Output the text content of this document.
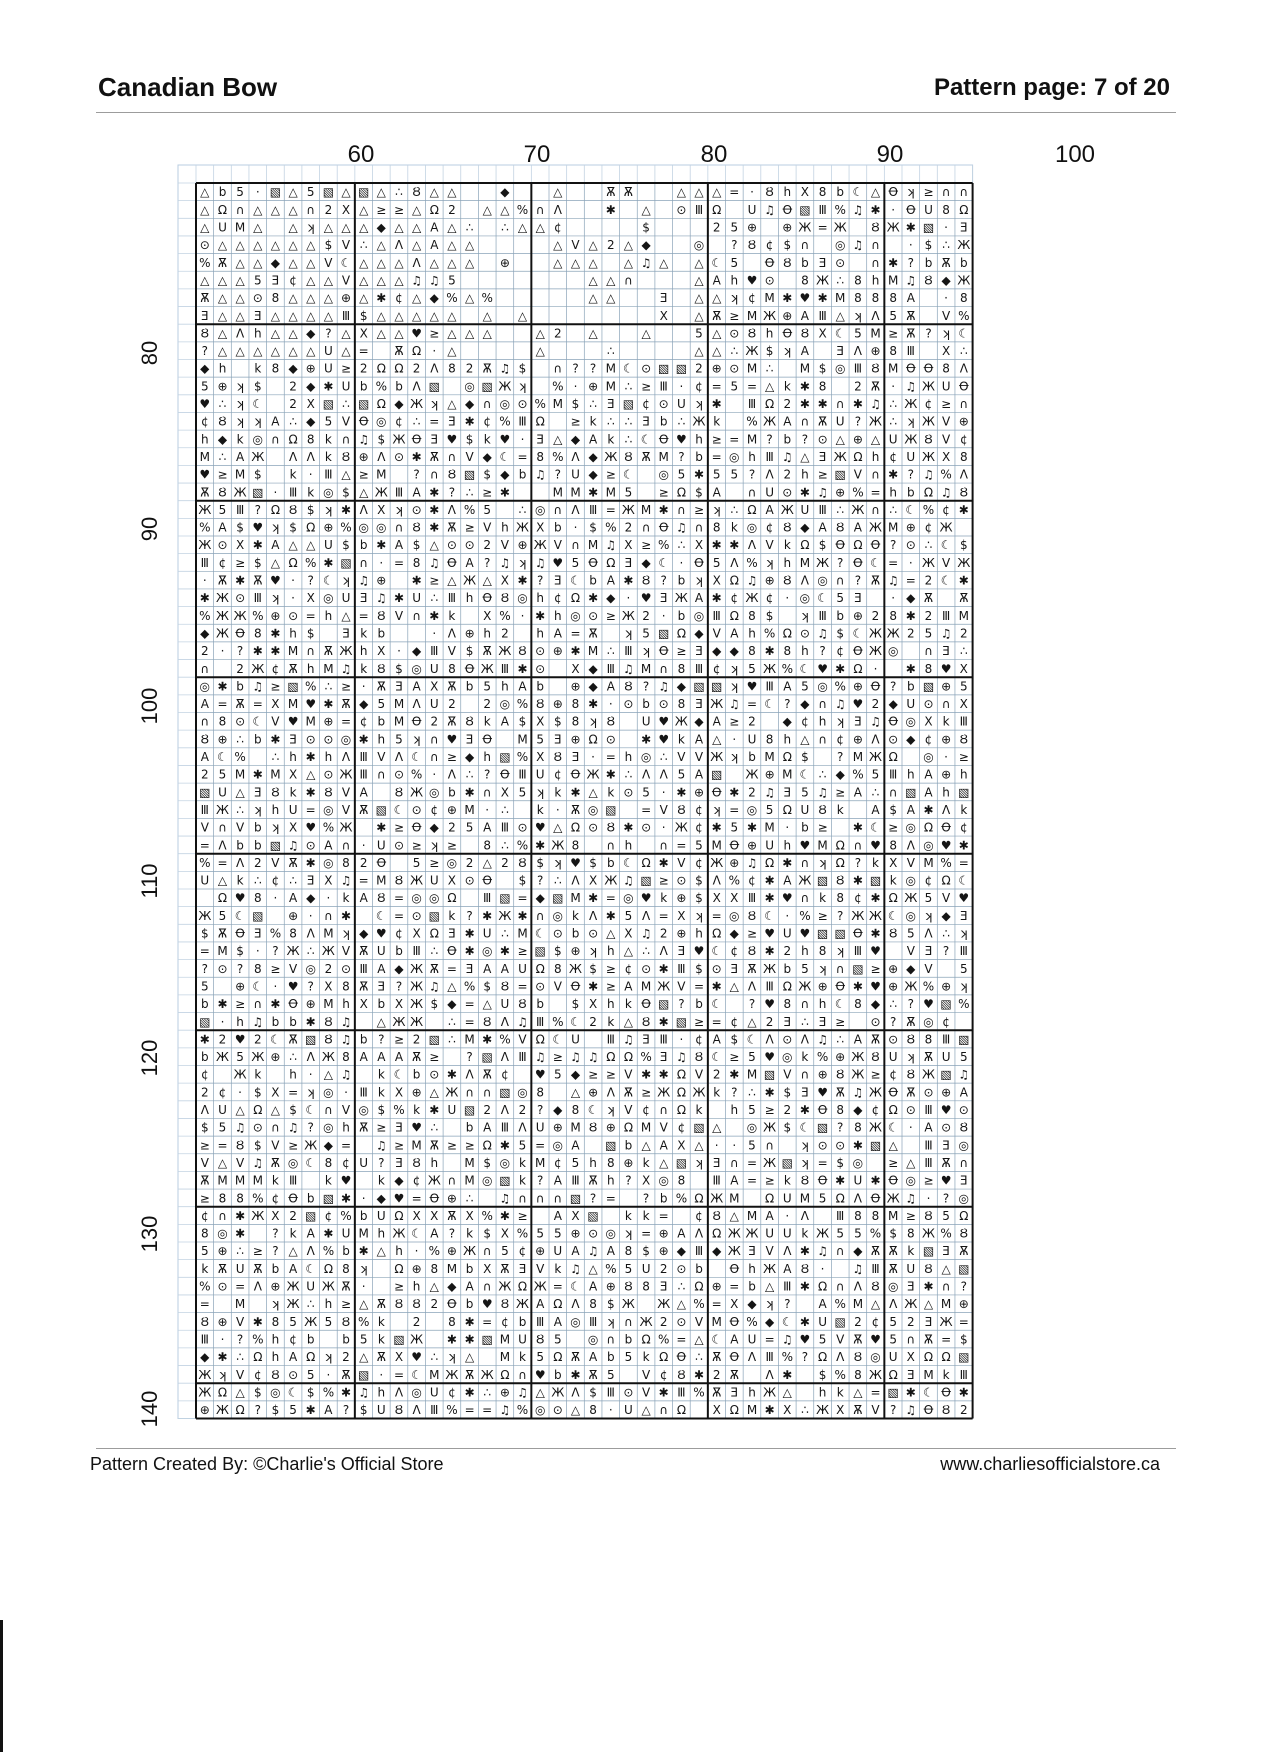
Canadian Bow	Pattern page: 7 of 20
60	70	80	90	100
80
90
100
110
120
130
140
△ b 5 · ▧ △ 5 ▧ △ ▧ △ ∴ Ȣ △ △	◆	△	Ѫ Ѫ	△ △ △ = · Ȣ h X 8 b ☾ △ Ꝋ ʞ ≥ ∩ ∩
△ Ω ∩ △ △ △ ∩ 2 X △ ≥ ≥ △ Ω 2 △ △ % ∩ Λ	✱ △ ⊙ Ⅲ Ω U ♫ Ꝋ ▧ Ⅲ % ♫ ✱ · Ꝋ U 8 Ω
△ U M △ △ ʞ △ △ △ ◆ △ △ A △ ∴ ∴ △ △ ¢	$	2 5 ⊕ ⊕ Ж = Ж Ȣ Ж ✱ ▧ · Ǝ
⊙ △ △ △ △ △ △ $ V ∴ △ Λ △ A △ △	△ V △ 2 △ ◆	◎ ? Ȣ ¢ $ ∩ ◎ ♫ ∩ · $ ∴ Ж
% Ѫ △ △ ◆ △ △ V ☾ △ △ △ Λ △ △ △ ⊕	△ △ △ △ ♫ △ △ ☾ 5 Ꝋ Ȣ b Ǝ ⊙ ∩ ✱ ? b Ѫ b
△ △ △ 5 Ǝ ¢ △ △ V △ △ △ ♫ ♫ 5	△ △ ∩	△ A h ♥ ⊙ 8 Ж ∴ 8 h M ♫ Ȣ ◆ Ж
Ѫ △ △ ⊙ 8 △ △ △ ⊕ △ ✱ ¢ △ ◆ % △ %	△ △	Ǝ △ △ ʞ ¢ M ✱ ♥ ✱ M 8 8 8 A · 8
Ǝ △ △ Ǝ △ △ △ △ Ⅲ $ △ △ △ △ △ △ △	X △ Ѫ ≥ M Ж ⊕ A Ⅲ △ ʞ Λ 5 Ѫ V %
Ȣ △ Λ h △ △ ◆ ? △ X △ △ ♥ ≥ △ △ △	△ 2 △	△	5 △ ⊙ Ȣ h Ꝋ Ȣ X ☾ 5 M ≥ Ѫ ? ʞ ☾
? △ △ △ △ △ △ U △ = Ѫ Ω · △	△	∴	△ △ ∴ Ж $ ʞ A Ǝ Λ ⊕ 8 Ⅲ X ∴
◆ h k 8 ◆ ⊕ U ≥ 2 Ω Ω 2 Λ 8 2 Ѫ ♫ $ ∩ ? ? M ☾ ⊙ ▧ ▧ 2 ⊕ ⊙ M ∴ M $ ◎ Ⅲ Ȣ M Ꝋ Ꝋ 8 Λ
5 ⊕ ʞ $ 2 ◆ ✱ U b % b Λ ▧ ◎ ▧ Ж ʞ % · ⊕ M ∴ ≥ Ⅲ · ¢ = 5 = △ k ✱ 8 2 Ѫ · ♫ Ж U Ꝋ
♥ ∴ ʞ ☾ 2 X ▧ ∴ ▧ Ω ◆ Ж ʞ △ ◆ ∩ ◎ ⊙ % M $ ∴ Ǝ ▧ ¢ ⊙ U ʞ ✱ Ⅲ Ω 2 ✱ ✱ ∩ ✱ ♫ ∴ Ж ¢ ≥ ∩
¢ Ȣ ʞ ʞ A ∴ ◆ 5 V Ꝋ ◎ ¢ ∴ = Ǝ ✱ ¢ % Ⅲ Ω ≥ k ∴ ∴ Ǝ b ∴ Ж k % Ж A ∩ Ѫ U ? Ж ∴ ʞ Ж V ⊕
h ◆ k ◎ ∩ Ω 8 k ∩ ♫ $ Ж Ꝋ Ǝ ♥ $ k ♥ · Ǝ △ ◆ A k ∴ ☾ Ꝋ ♥ h ≥ = M ? b ? ⊙ △ ⊕ △ U Ж Ȣ V ¢
M ∴ A Ж Λ Λ k Ȣ ⊕ Λ ⊙ ✱ Ѫ ∩ V ◆ ☾ = 8 % Λ ◆ Ж Ȣ Ѫ M ? b = ◎ h Ⅲ ♫ △ Ǝ Ж Ω h ¢ U Ж X 8
♥ ≥ M $ k · Ⅲ △ ≥ M ? ∩ Ȣ ▧ $ ◆ b ♫ ? U ◆ ≥ ☾ ◎ 5 ✱ 5 5 ? Λ 2 h ≥ ▧ V ∩ ✱ ? ♫ % Λ
Ѫ Ȣ Ж ▧ · Ⅲ k ◎ $ △ Ж Ⅲ A ✱ ? ∴ ≥ ✱	M M ✱ M 5 ≥ Ω $ A ∩ U ⊙ ✱ ♫ ⊕ % = h b Ω ♫ Ȣ
Ж 5 Ⅲ ? Ω Ȣ $ ʞ ✱ Λ X ʞ ⊙ ✱ Λ % 5 ∴ ◎ ∩ Λ Ⅲ = Ж M ✱ ∩ ≥ ʞ ∴ Ω A Ж U Ⅲ ∴ Ж ∩ ∴ ☾ % ¢ ✱
% A $ ♥ ʞ $ Ω ⊕ % ◎ ◎ ∩ Ȣ ✱ Ѫ ≥ V h Ж X b · $ % 2 ∩ Ꝋ ♫ ∩ 8 k ◎ ¢ Ȣ ◆ A Ȣ A Ж M ⊕ ¢ Ж
Ж ⊙ X ✱ A △ △ U $ b ✱ A $ △ ⊙ ⊙ 2 V ⊕ Ж V ∩ M ♫ X ≥ % ∴ X ✱ ✱ Λ V k Ω $ Ꝋ Ω Ꝋ ? ⊙ ∴ ☾ $
Ⅲ ¢ ≥ $ △ Ω % ✱ ▧ ∩ · = 8 ♫ Ꝋ A ? ♫ ʞ ♫ ♥ 5 Ꝋ Ω Ǝ ◆ ☾ · Ꝋ 5 Λ % ʞ h M Ж ? Ꝋ ☾ = · Ж V Ж
· Ѫ ✱ Ѫ ♥ · ? ☾ ʞ ♫ ⊕ ✱ ≥ △ Ж △ X ✱ ? Ǝ ☾ b A ✱ Ȣ ? b ʞ X Ω ♫ ⊕ Ȣ Λ ◎ ∩ ? Ѫ ♫ = 2 ☾ ✱
✱ Ж ⊙ Ⅲ ʞ · X ◎ U Ǝ ♫ ✱ U ∴ Ⅲ h Ꝋ Ȣ ◎ h ¢ Ω ✱ ◆ · ♥ Ǝ Ж A ✱ ¢ Ж ¢ · ◎ ☾ 5 Ǝ · ◆ Ѫ Ѫ
% Ж Ж % ⊕ ⊙ = h △ = Ȣ V ∩ ✱ k X % · ✱ h ◎ ⊙ ≥ Ж 2 · b ◎ Ⅲ Ω 8 $ ʞ Ⅲ b ⊕ 2 8 ✱ 2 Ⅲ M
◆ Ж Ꝋ 8 ✱ h $ Ǝ k b	· Λ ⊕ h 2 h A = Ѫ ʞ 5 ▧ Ω ◆ V A h % Ω ⊙ ♫ $ ☾ Ж Ж 2 5 ♫ 2
2 · ? ✱ ✱ M ∩ Ѫ Ж h X · ◆ Ⅲ V $ Ѫ Ж Ȣ ⊙ ⊕ ✱ M ∴ Ⅲ ʞ Ꝋ ≥ Ǝ ◆ ◆ 8 ✱ 8 h ? ¢ Ꝋ Ж ◎ ∩ Ǝ ∴
∩ 2 Ж ¢ Ѫ h M ♫ k Ȣ $ ◎ U 8 Ꝋ Ж Ⅲ ✱ ⊙ X ◆ Ⅲ ♫ M ∩ 8 Ⅲ ¢ ʞ 5 Ж % ☾ ♥ ✱ Ω · ✱ 8 ♥ X
◎ ✱ b ♫ ≥ ▧ % ∴ ≥ · Ѫ Ǝ A X Ѫ b 5 h A b ⊕ ◆ A Ȣ ? ♫ ◆ ▧ ▧ ʞ ♥ Ⅲ A 5 ◎ % ⊕ Ꝋ ? b ▧ ⊕ 5
A = Ѫ = X M ♥ ✱ Ѫ ◆ 5 M Λ U 2 2 ◎ % Ȣ ⊕ 8 ✱ · ⊙ b ⊙ 8 Ǝ Ж ♫ = ☾ ? ◆ ∩ ♫ ♥ 2 ◆ U ⊙ ∩ X
∩ 8 ⊙ ☾ V ♥ M ⊕ = ¢ b M Ꝋ 2 Ѫ Ȣ k A $ X $ 8 ʞ Ȣ U ♥ Ж ◆ A ≥ 2 ◆ ¢ h ʞ Ǝ ♫ Ꝋ ◎ X k Ⅲ
Ȣ ⊕ ∴ b ✱ Ǝ ⊙ ⊙ ◎ ✱ h 5 ʞ ∩ ♥ Ǝ Ꝋ M 5 Ǝ ⊕ Ω ⊙ ✱ ♥ k A △ · U 8 h △ ∩ ¢ ⊕ Λ ⊙ ◆ ¢ ⊕ Ȣ
A ☾ % ∴ h ✱ h Λ Ⅲ V Λ ☾ ∩ ≥ ◆ h ▧ % X Ȣ Ǝ · = h ◎ ∴ V V Ж ʞ b M Ω $ ? M Ж Ω ◎ · ≥
2 5 M ✱ M X △ ⊙ Ж Ⅲ ∩ ⊙ % · Λ ∴ ? Ꝋ Ⅲ U ¢ Ꝋ Ж ✱ ∴ Λ Λ 5 A ▧ Ж ⊕ M ☾ ∴ ◆ % 5 Ⅲ h A ⊕ h
▧ U △ Ǝ Ȣ k ✱ Ȣ V A Ȣ Ж ◎ b ✱ ∩ X 5 ʞ k ✱ △ k ⊙ 5 · ✱ ⊕ Ꝋ ✱ 2 ♫ Ǝ 5 ♫ ≥ A ∴ ∩ ▧ A h ▧
Ⅲ Ж ∴ ʞ h U = ◎ V Ѫ ▧ ☾ ⊙ ¢ ⊕ M · ∴ k · Ѫ ◎ ▧ = V Ȣ ¢ ʞ = ◎ 5 Ω U Ȣ k A $ A ✱ Λ k
V ∩ V b ʞ X ♥ % Ж ✱ ≥ Ꝋ ◆ 2 5 A Ⅲ ⊙ ♥ △ Ω ⊙ Ȣ ✱ ⊙ · Ж ¢ ✱ 5 ✱ M · b ≥ ✱ ☾ ≥ ◎ Ω Ꝋ ¢
= Λ b b ▧ ♫ ⊙ A ∩ · U ⊙ ≥ ʞ ≥ 8 ∴ % ✱ Ж 8 ∩ h ∩ = 5 M Ꝋ ⊕ U h ♥ M Ω ∩ ♥ 8 Λ ◎ ♥ ✱
% = Λ 2 V Ѫ ✱ ◎ 8 2 Ꝋ 5 ≥ ◎ 2 △ 2 Ȣ $ ʞ ♥ $ b ☾ Ω ✱ V ¢ Ж ⊕ ♫ Ω ✱ ∩ ʞ Ω ? k X V M % =
U △ k ∴ ¢ ∴ Ǝ X ♫ = M Ȣ Ж U X ⊙ Ꝋ $ ? ∴ Λ X Ж ♫ ▧ ≥ ⊙ $ Λ % ¢ ✱ A Ж ▧ Ȣ ✱ ▧ k ◎ ¢ Ω ☾
Ω ♥ 8 · A ◆ · k A Ȣ = ◎ ◎ Ω Ⅲ ▧ = ◆ ▧ M ✱ = ◎ ♥ k ⊕ $ X X Ⅲ ✱ ♥ ∩ k 8 ¢ ✱ Ω Ж 5 V ♥
Ж 5 ☾ ▧ ⊕ · ∩ ✱ ☾ = ⊙ ▧ k ? ✱ Ж ✱ ∩ ◎ k Λ ✱ 5 Λ = X ʞ = ◎ Ȣ ☾ · % ≥ ? Ж Ж ☾ ◎ ʞ ◆ Ǝ
$ Ѫ Ꝋ Ǝ % 8 Λ M ʞ ◆ ♥ ¢ X Ω Ǝ ✱ U ∴ M ☾ ⊙ b ⊙ △ X ♫ 2 ⊕ h Ω ◆ ≥ ♥ U ♥ ▧ ▧ Ꝋ ✱ Ȣ 5 Λ ∴ ʞ
= M $ · ? Ж ∴ Ж V Ѫ U b Ⅲ ∴ Ꝋ ✱ ◎ ✱ ≥ ▧ $ ⊕ ʞ h △ ∴ Λ Ǝ ♥ ☾ ¢ Ȣ ✱ 2 h 8 ʞ Ⅲ ♥ V Ǝ ? Ⅲ
? ⊙ ? 8 ≥ V ◎ 2 ⊙ Ⅲ A ◆ Ж Ѫ = Ǝ A A U Ω 8 Ж $ ≥ ¢ ⊙ ✱ Ⅲ $ ⊙ Ǝ Ѫ Ж b 5 ʞ ∩ ▧ ≥ ⊕ ◆ V 5
5 ⊕ ☾ · ♥ ? X 8 Ѫ Ǝ ? Ж ♫ △ % $ Ȣ = ⊙ V Ꝋ ✱ ≥ A M Ж V = ✱ △ Λ Ⅲ Ω Ж ⊕ Ꝋ ✱ ♥ ⊕ Ж % ⊕ ʞ
b ✱ ≥ ∩ ✱ Ꝋ ⊕ M h X b X Ж $ ◆ = △ U Ȣ b $ X h k Ꝋ ▧ ? b ☾ ? ♥ 8 ∩ h ☾ 8 ◆ ∴ ? ♥ ▧ %
▧ · h ♫ b b ✱ Ȣ ♫ △ Ж Ж ∴ = Ȣ Λ ♫ Ⅲ % ☾ 2 k △ Ȣ ✱ ▧ ≥ = ¢ △ 2 Ǝ ∴ Ǝ ≥ ⊙ ? Ѫ ◎ ¢
✱ 2 ♥ 2 ☾ Ѫ ▧ Ȣ ♫ b ? ≥ 2 ▧ ∴ M ✱ % V Ω ☾ U Ⅲ ♫ Ǝ Ⅲ · ¢ A $ ☾ Λ ⊙ Λ ♫ ∴ A Ѫ ⊙ Ȣ 8 Ⅲ ▧
b Ж 5 Ж ⊕ ∴ Λ Ж 8 A A A Ѫ ≥ ? ▧ Λ Ⅲ ♫ ≥ ♫ ♫ Ω Ω % Ǝ ♫ Ȣ ☾ ≥ 5 ♥ ◎ k % ⊕ Ж Ȣ U ʞ Ѫ U 5
¢ Ж k h · △ ♫ k ☾ b ⊙ ✱ Λ Ѫ ¢ ♥ 5 ◆ ≥ ≥ V ✱ ✱ Ω V 2 ✱ M ▧ V ∩ ⊕ Ȣ Ж ≥ ¢ Ȣ Ж ▧ ♫
2 ¢ · $ X = ʞ ◎ · Ⅲ k X ⊕ △ Ж ∩ ∩ ▧ ◎ 8 △ ⊕ Λ Ѫ ≥ Ж Ω Ж k ? ∴ ✱ $ Ǝ ♥ Ѫ ♫ Ж Ꝋ Ѫ ⊙ ⊕ A
Λ U △ Ω △ $ ☾ ∩ V ◎ $ % k ✱ U ▧ 2 Λ 2 ? ◆ 8 ☾ ʞ V ¢ ∩ Ω k h 5 ≥ 2 ✱ Ꝋ 8 ◆ ¢ Ω ⊙ Ⅲ ♥ ⊙
$ 5 ♫ ⊙ ∩ ♫ ? ◎ h Ѫ ≥ Ǝ ♥ ∴ b A Ⅲ Λ U ⊕ M Ȣ ⊕ Ω M V ¢ ▧ △ ◎ Ж $ ☾ ▧ ? 8 Ж ☾ · A ⊙ Ȣ
≥ = Ȣ $ V ≥ Ж ◆ = ♫ ≥ M Ѫ ≥ ≥ Ω ✱ 5 = ◎ A ▧ b △ A X △ · · 5 ∩ ʞ ⊙ ⊙ ✱ ▧ △ Ⅲ Ǝ ◎
V △ V ♫ Ѫ ◎ ☾ 8 ¢ U ? Ǝ Ȣ h M $ ◎ k M ¢ 5 h 8 ⊕ k △ ▧ ʞ Ǝ ∩ = Ж ▧ ʞ = $ ◎ ≥ △ Ⅲ Ѫ ∩
Ѫ M M M k Ⅲ k ♥ k ◆ ¢ Ж ∩ M ◎ ▧ k ? A Ⅲ Ѫ h ? X ◎ 8 Ⅲ A = ≥ k Ȣ Ꝋ ✱ U ✱ Ꝋ ◎ ≥ ♥ Ǝ
≥ 8 8 % ¢ Ꝋ b ▧ ✱ · ◆ ♥ = Ꝋ ⊕ ∴ ♫ ∩ ∩ ∩ ▧ ? = ? b % Ω Ж M Ω U M 5 Ω Λ Ꝋ Ж ♫ · ? ◎
¢ ∩ ✱ Ж X 2 ▧ ¢ % b U Ω X X Ѫ X % ✱ ≥ A X ▧ k k = ¢ Ȣ △ M A · Λ Ⅲ 8 8 M ≥ Ȣ 5 Ω
8 ◎ ✱ ? k A ✱ U M h Ж ☾ A ? k $ X % 5 5 ⊕ ⊙ ◎ ʞ = ⊕ A Λ Ω Ж Ж U U k Ж 5 5 % $ 8 Ж % Ȣ
5 ⊕ ∴ ≥ ? △ Λ % b ✱ △ h · % ⊕ Ж ∩ 5 ¢ ⊕ U A ♫ A 8 $ ⊕ ◆ Ⅲ ◆ Ж Ǝ V Λ ✱ ♫ ∩ ◆ Ѫ Ѫ k ▧ Ǝ Ѫ
k Ѫ U Ѫ b A ☾ Ω 8 ʞ Ω ⊕ 8 M b X Ѫ Ǝ V k ♫ △ % 5 U 2 ⊙ b Ꝋ h Ж A Ȣ · ♫ Ⅲ Ѫ U Ȣ △ ▧
% ⊙ = Λ ⊕ Ж U Ж Ѫ · ≥ h △ ◆ A ∩ Ж Ω Ж = ☾ A ⊕ Ȣ 8 Ǝ ∴ Ω ⊕ = b △ Ⅲ ✱ Ω ∩ Λ Ȣ ◎ Ǝ ✱ ∩ ?
= M ʞ Ж ∴ h ≥ △ Ѫ Ȣ Ȣ 2 Ꝋ b ♥ Ȣ Ж A Ω Λ 8 $ Ж Ж △ % = X ◆ ʞ ? A % M △ Λ Ж △ M ⊕
Ȣ ⊕ V ✱ 8 5 Ж 5 Ȣ % k 2 8 ✱ = ¢ b Ⅲ A ◎ Ⅲ ʞ ∩ Ж 2 ⊙ V M Ꝋ % ◆ ☾ ✱ U ▧ 2 ¢ 5 2 Ǝ Ж =
Ⅲ · ? % h ¢ b b 5 k ▧ Ж ✱ ✱ ▧ M U Ȣ 5 ◎ ∩ b Ω % = △ ☾ A U = ♫ ♥ 5 V Ѫ ♥ 5 ∩ Ѫ = $
◆ ✱ ∴ Ω h A Ω ʞ 2 △ Ѫ X ♥ ∴ ʞ △ M k 5 Ω Ѫ A b 5 k Ω Ꝋ ∴ Ѫ Ꝋ Λ Ⅲ % ? Ω Λ Ȣ ◎ U X Ω Ω ▧
Ж ʞ V ¢ Ȣ ⊙ 5 · Ѫ ▧ · = ☾ M Ж Ѫ Ж Ω ∩ ♥ b ✱ Ѫ 5 V ¢ Ȣ ✱ 2 Ѫ Λ ✱ $ % 8 Ж Ω Ǝ M k Ⅲ
Ж Ω △ $ ◎ ☾ $ % ✱ ♫ h Λ ◎ U ¢ ✱ ∴ ⊕ ♫ △ Ж Λ $ Ⅲ ⊙ V ✱ Ⅲ % Ѫ Ǝ h Ж △ h k △ = ▧ ✱ ☾ Ꝋ ✱
⊕ Ж Ω ? $ 5 ✱ A ? $ U Ȣ Λ Ⅲ % = = ♫ % ◎ ⊙ △ 8 · U △ ∩ Ω X Ω M ✱ X ∴ Ж X Ѫ V ? ♫ Ꝋ Ȣ 2
Pattern Created By: ©Charlie's Official Store	www.charliesofficialstore.ca
